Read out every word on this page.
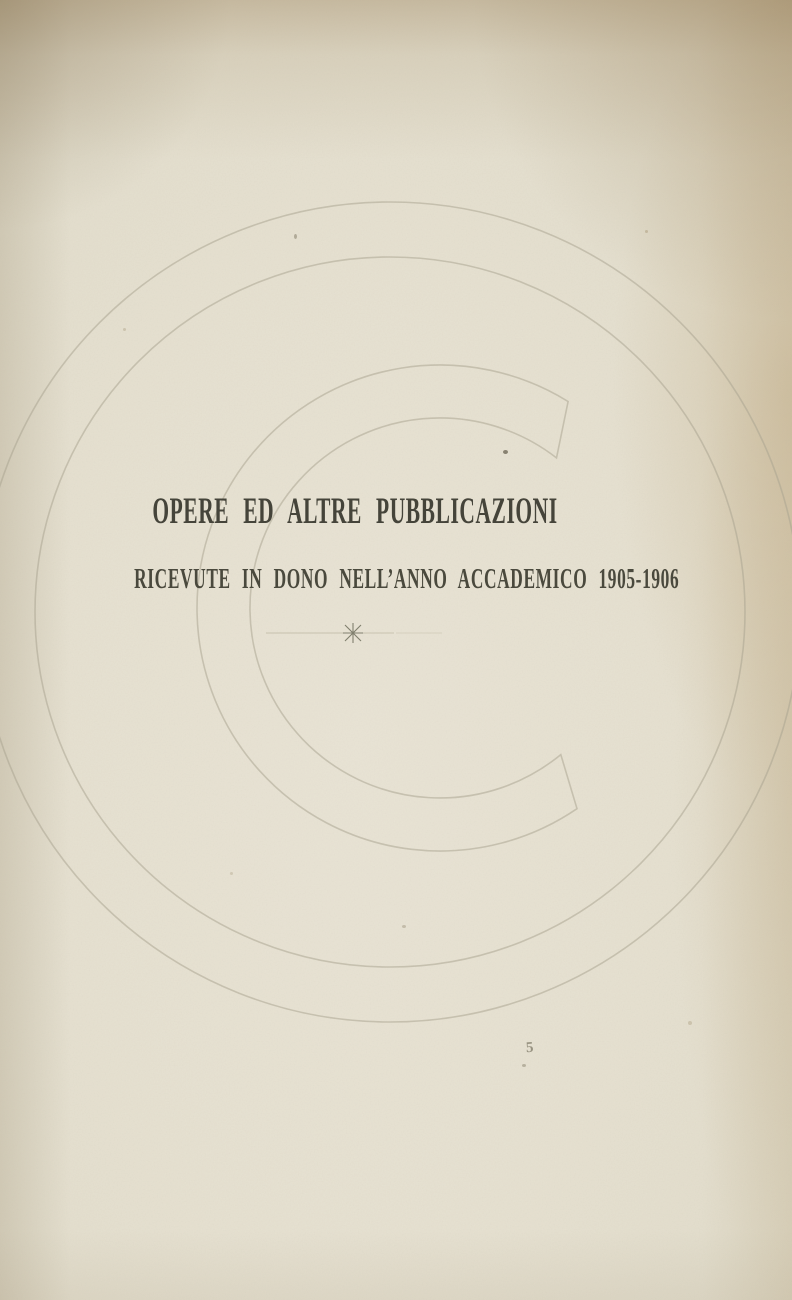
OPERE ED ALTRE PUBBLICAZIONI
RICEVUTE IN DONO NELL’ANNO ACCADEMICO 1905-1906
5
